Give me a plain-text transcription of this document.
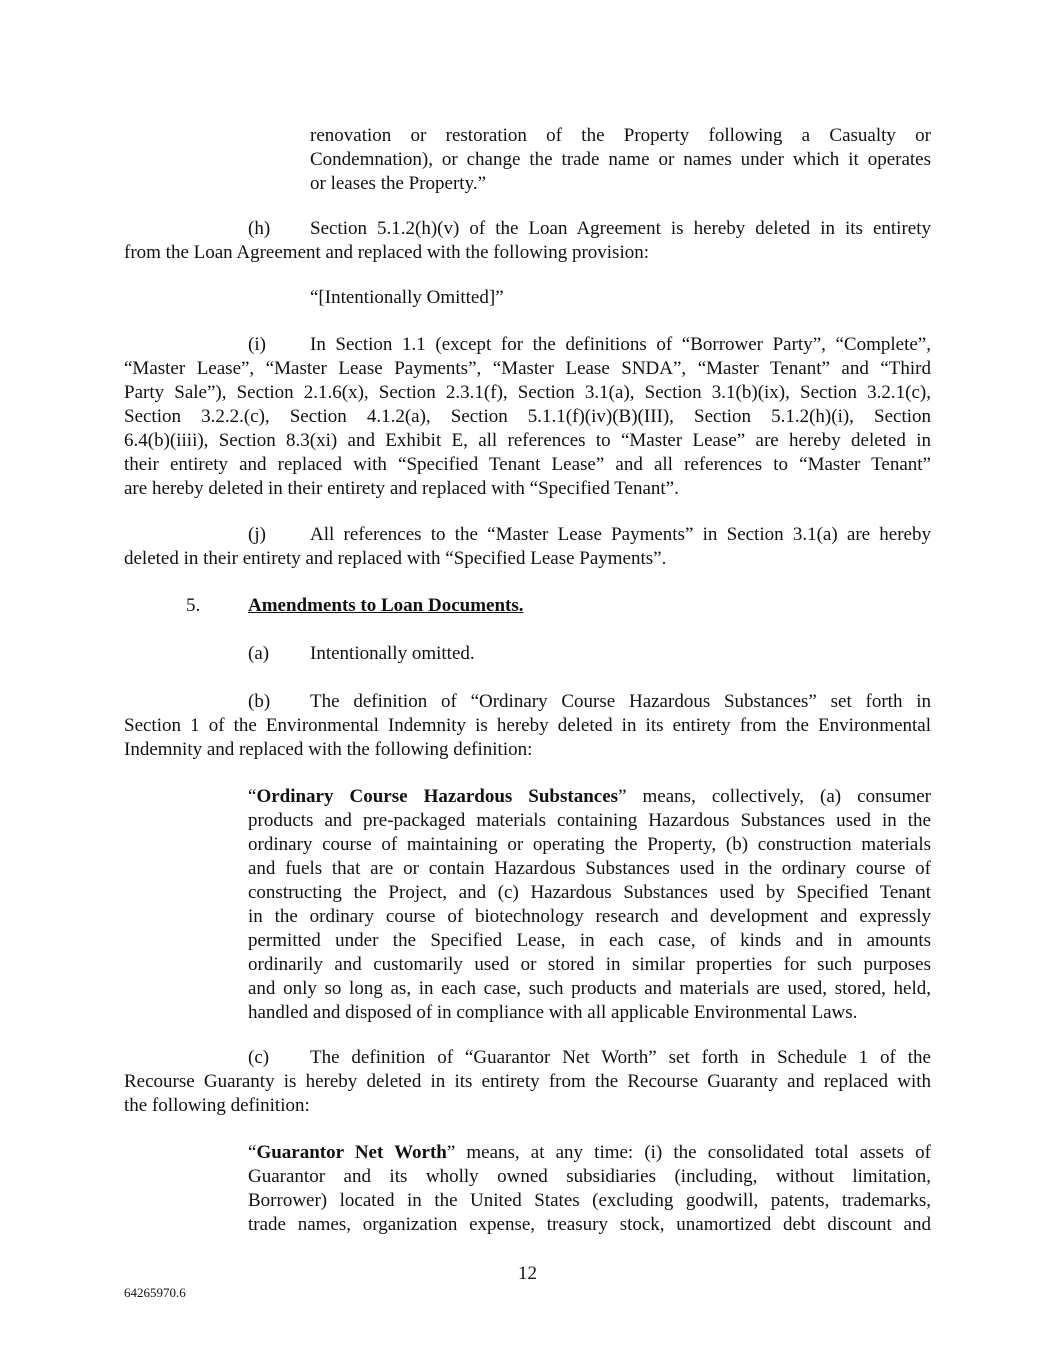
renovation or restoration of the Property following a Casualty or
Condemnation), or change the trade name or names under which it operates
or leases the Property.”
(h) Section 5.1.2(h)(v) of the Loan Agreement is hereby deleted in its entirety
from the Loan Agreement and replaced with the following provision:

“[Intentionally Omitted]”

(i) In Section 1.1 (except for the definitions of “Borrower Party”, “Complete”,
“Master Lease”, “Master Lease Payments”, “Master Lease SNDA”, “Master Tenant” and “Third
Party Sale”), Section 2.1.6(x), Section 2.3.1(f), Section 3.1(a), Section 3.1(b)(ix), Section 3.2.1(c),
Section 3.2.2.(c), Section 4.1.2(a), Section 5.1.1(f)(iv)(B)(III), Section 5.1.2(h)(i), Section
6.4(b)(iiii), Section 8.3(xi) and Exhibit E, all references to “Master Lease” are hereby deleted in
their entirety and replaced with “Specified Tenant Lease” and all references to “Master Tenant”
are hereby deleted in their entirety and replaced with “Specified Tenant”.
(j) All references to the “Master Lease Payments” in Section 3.1(a) are hereby
deleted in their entirety and replaced with “Specified Lease Payments”.

5.	Amendments to Loan Documents.

(a) Intentionally omitted.

(b) The definition of “Ordinary Course Hazardous Substances” set forth in
Section 1 of the Environmental Indemnity is hereby deleted in its entirety from the Environmental
Indemnity and replaced with the following definition:
“Ordinary Course Hazardous Substances” means, collectively, (a) consumer
products and pre-packaged materials containing Hazardous Substances used in the
ordinary course of maintaining or operating the Property, (b) construction materials
and fuels that are or contain Hazardous Substances used in the ordinary course of
constructing the Project, and (c) Hazardous Substances used by Specified Tenant
in the ordinary course of biotechnology research and development and expressly
permitted under the Specified Lease, in each case, of kinds and in amounts
ordinarily and customarily used or stored in similar properties for such purposes
and only so long as, in each case, such products and materials are used, stored, held,
handled and disposed of in compliance with all applicable Environmental Laws.
(c) The definition of “Guarantor Net Worth” set forth in Schedule 1 of the
Recourse Guaranty is hereby deleted in its entirety from the Recourse Guaranty and replaced with
the following definition:
“Guarantor Net Worth” means, at any time: (i) the consolidated total assets of
Guarantor and its wholly owned subsidiaries (including, without limitation,
Borrower) located in the United States (excluding goodwill, patents, trademarks,
trade names, organization expense, treasury stock, unamortized debt discount and

12

64265970.6
